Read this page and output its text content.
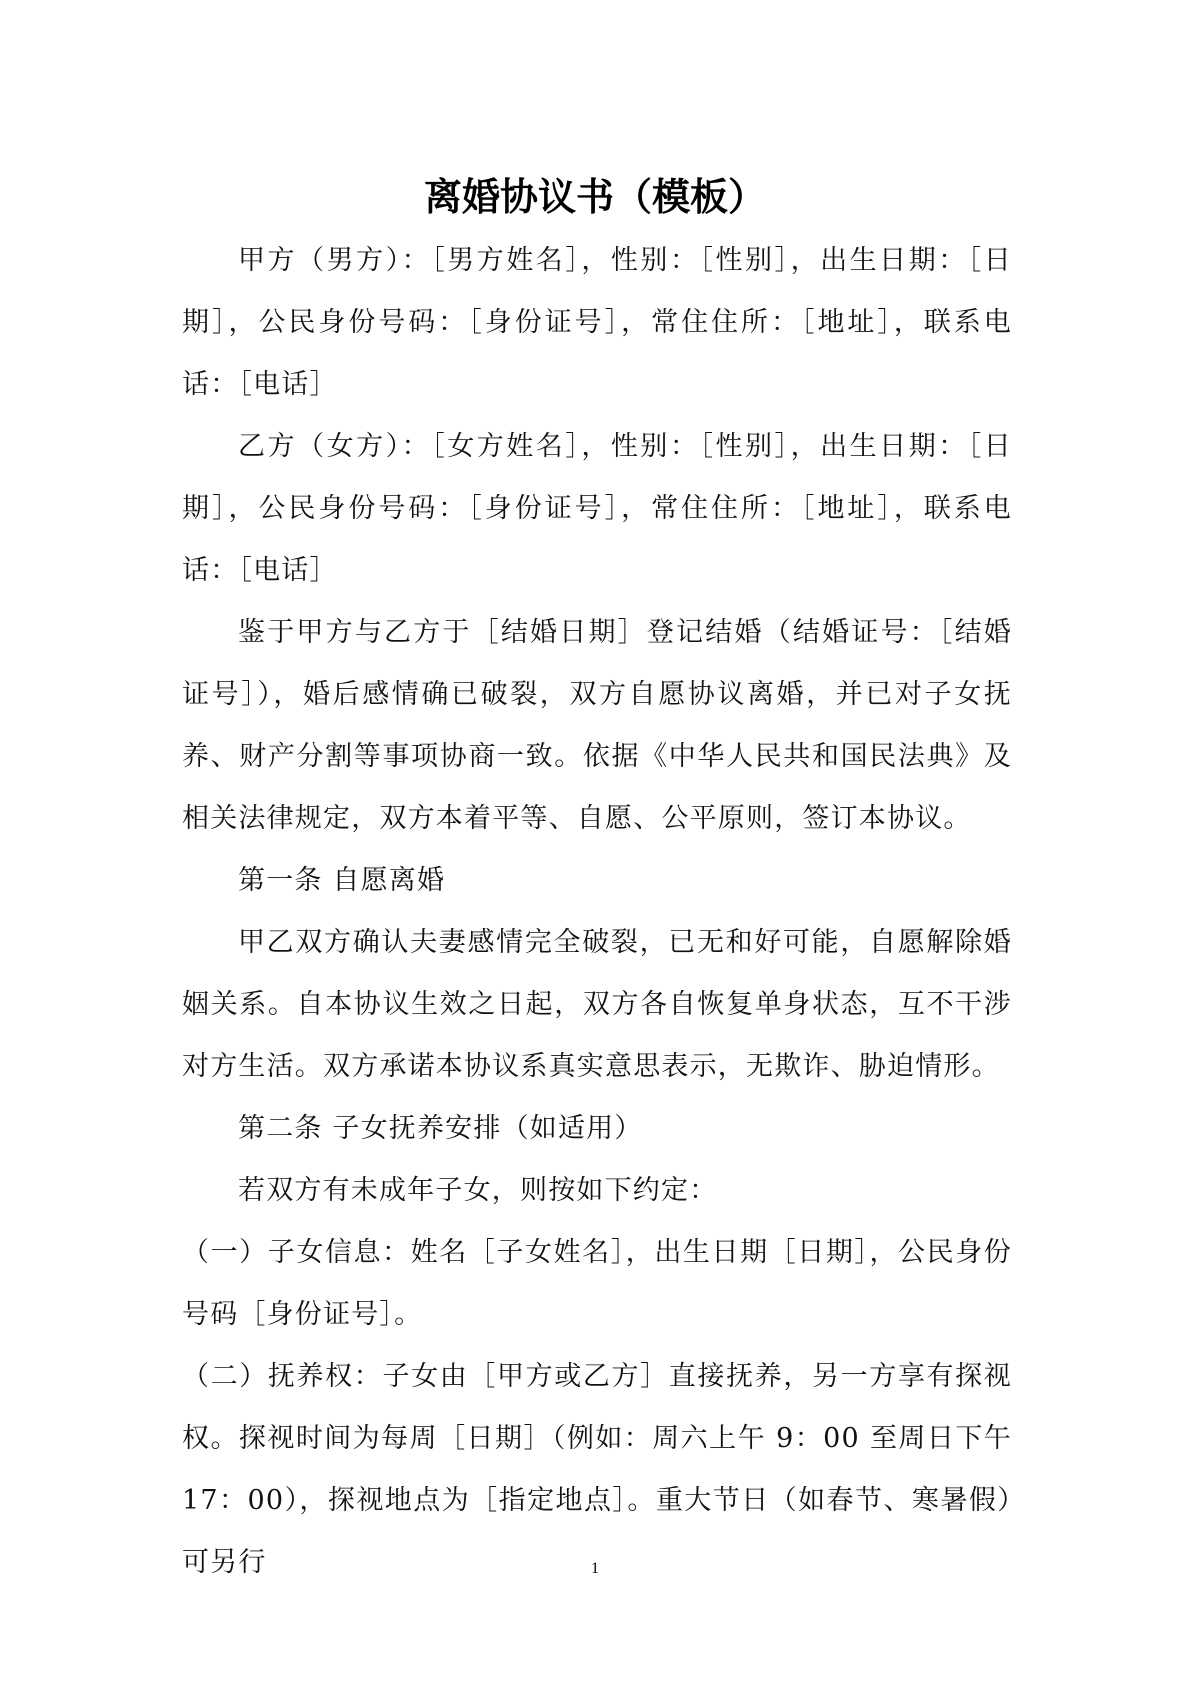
离婚协议书（模板）

甲方（男方）：［男方姓名］，性别：［性别］，出生日期：［日期］，公民身份号码：［身份证号］，常住住所：［地址］，联系电话：［电话］

乙方（女方）：［女方姓名］，性别：［性别］，出生日期：［日期］，公民身份号码：［身份证号］，常住住所：［地址］，联系电话：［电话］

鉴于甲方与乙方于［结婚日期］登记结婚（结婚证号：［结婚证号］），婚后感情确已破裂，双方自愿协议离婚，并已对子女抚养、财产分割等事项协商一致。依据《中华人民共和国民法典》及相关法律规定，双方本着平等、自愿、公平原则，签订本协议。

第一条 自愿离婚

甲乙双方确认夫妻感情完全破裂，已无和好可能，自愿解除婚姻关系。自本协议生效之日起，双方各自恢复单身状态，互不干涉对方生活。双方承诺本协议系真实意思表示，无欺诈、胁迫情形。

第二条 子女抚养安排（如适用）

若双方有未成年子女，则按如下约定：

（一）子女信息：姓名［子女姓名］，出生日期［日期］，公民身份号码［身份证号］。

（二）抚养权：子女由［甲方或乙方］直接抚养，另一方享有探视权。探视时间为每周［日期］（例如：周六上午 9：00 至周日下午 17：00），探视地点为［指定地点］。重大节日（如春节、寒暑假）可另行	1
